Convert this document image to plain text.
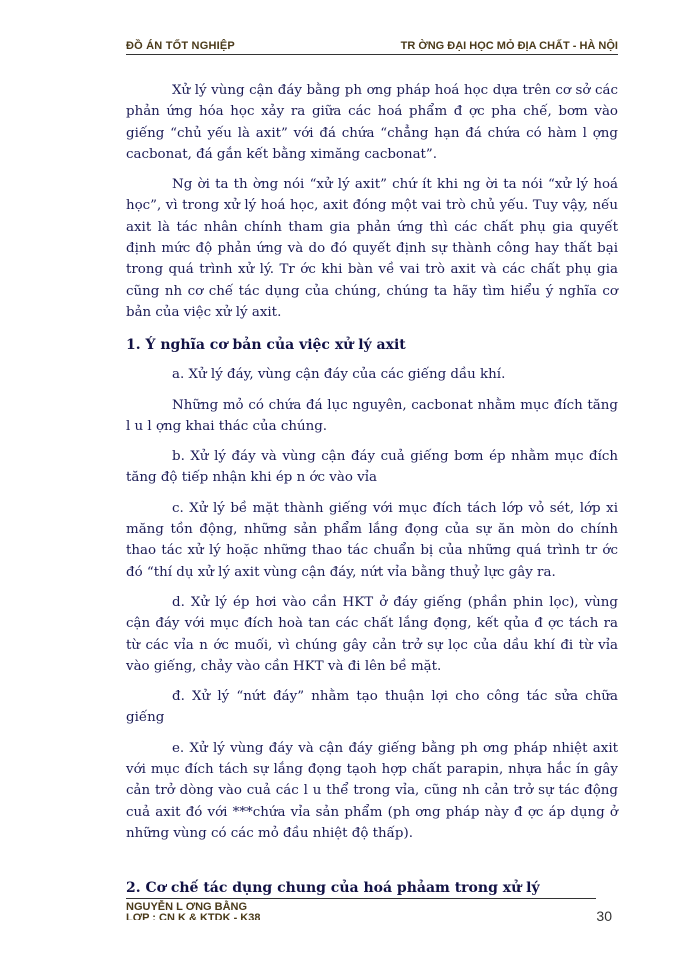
ĐỒ ÁN TỐT NGHIỆP	TR ỜNG ĐẠI HỌC MỎ ĐỊA CHẤT - HÀ NỘI

Xử lý vùng cận đáy bằng ph ơng pháp hoá học dựa trên cơ sở các phản ứng hóa học xảy ra giữa các hoá phẩm đ ợc pha chế, bơm vào giếng “chủ yếu là axit” với đá chứa “chẳng hạn đá chứa có hàm l ợng cacbonat, đá gắn kết bằng ximăng cacbonat”.

Ng ời ta th ờng nói “xử lý axit” chứ ít khi ng ời ta nói “xử lý hoá học”, vì trong xử lý hoá học, axit đóng một vai trò chủ yếu. Tuy vậy, nếu axit là tác nhân chính tham gia phản ứng thì các chất phụ gia quyết định mức độ phản ứng và do đó quyết định sự thành công hay thất bại trong quá trình xử lý. Tr ớc khi bàn về vai trò axit và các chất phụ gia cũng nh cơ chế tác dụng của chúng, chúng ta hãy tìm hiểu ý nghĩa cơ bản của việc xử lý axit.

1. Ý nghĩa cơ bản của việc xử lý axit

a. Xử lý đáy, vùng cận đáy của các giếng dầu khí.

Những mỏ có chứa đá lục nguyên, cacbonat nhằm mục đích tăng l u l ợng khai thác của chúng.

b. Xử lý đáy và vùng cận đáy cuả giếng bơm ép nhằm mục đích tăng độ tiếp nhận khi ép n ớc vào vỉa

c. Xử lý bề mặt thành giếng với mục đích tách lớp vỏ sét, lớp xi măng tồn động, những sản phẩm lắng đọng của sự ăn mòn do chính thao tác xử lý hoặc những thao tác chuẩn bị của những quá trình tr ớc đó “thí dụ xử lý axit vùng cận đáy, nứt vỉa bằng thuỷ lực gây ra.

d. Xử lý ép hơi vào cần HKT ở đáy giếng (phần phin lọc), vùng cận đáy với mục đích hoà tan các chất lắng đọng, kết qủa đ ợc tách ra từ các vỉa n ớc muối, vì chúng gây cản trở sự lọc của dầu khí đi từ vỉa vào giếng, chảy vào cần HKT và đi lên bề mặt.

đ. Xử lý “nứt đáy” nhằm tạo thuận lợi cho công tác sửa chữa giếng

e. Xử lý vùng đáy và cận đáy giếng bằng ph ơng pháp nhiệt axit với mục đích tách sự lắng đọng tạoh hợp chất parapin, nhựa hắc ín gây cản trở dòng vào cuả các l u thể trong vỉa, cũng nh cản trở sự tác động cuả axit đó với ***chứa vỉa sản phẩm (ph ơng pháp này đ ợc áp dụng ở những vùng có các mỏ đầu nhiệt độ thấp).

2. Cơ chế tác dụng chung của hoá phảam trong xử lý
NGUYỄN L ƠNG BẰNG
LỚP : CN K & KTDK - K38	30
